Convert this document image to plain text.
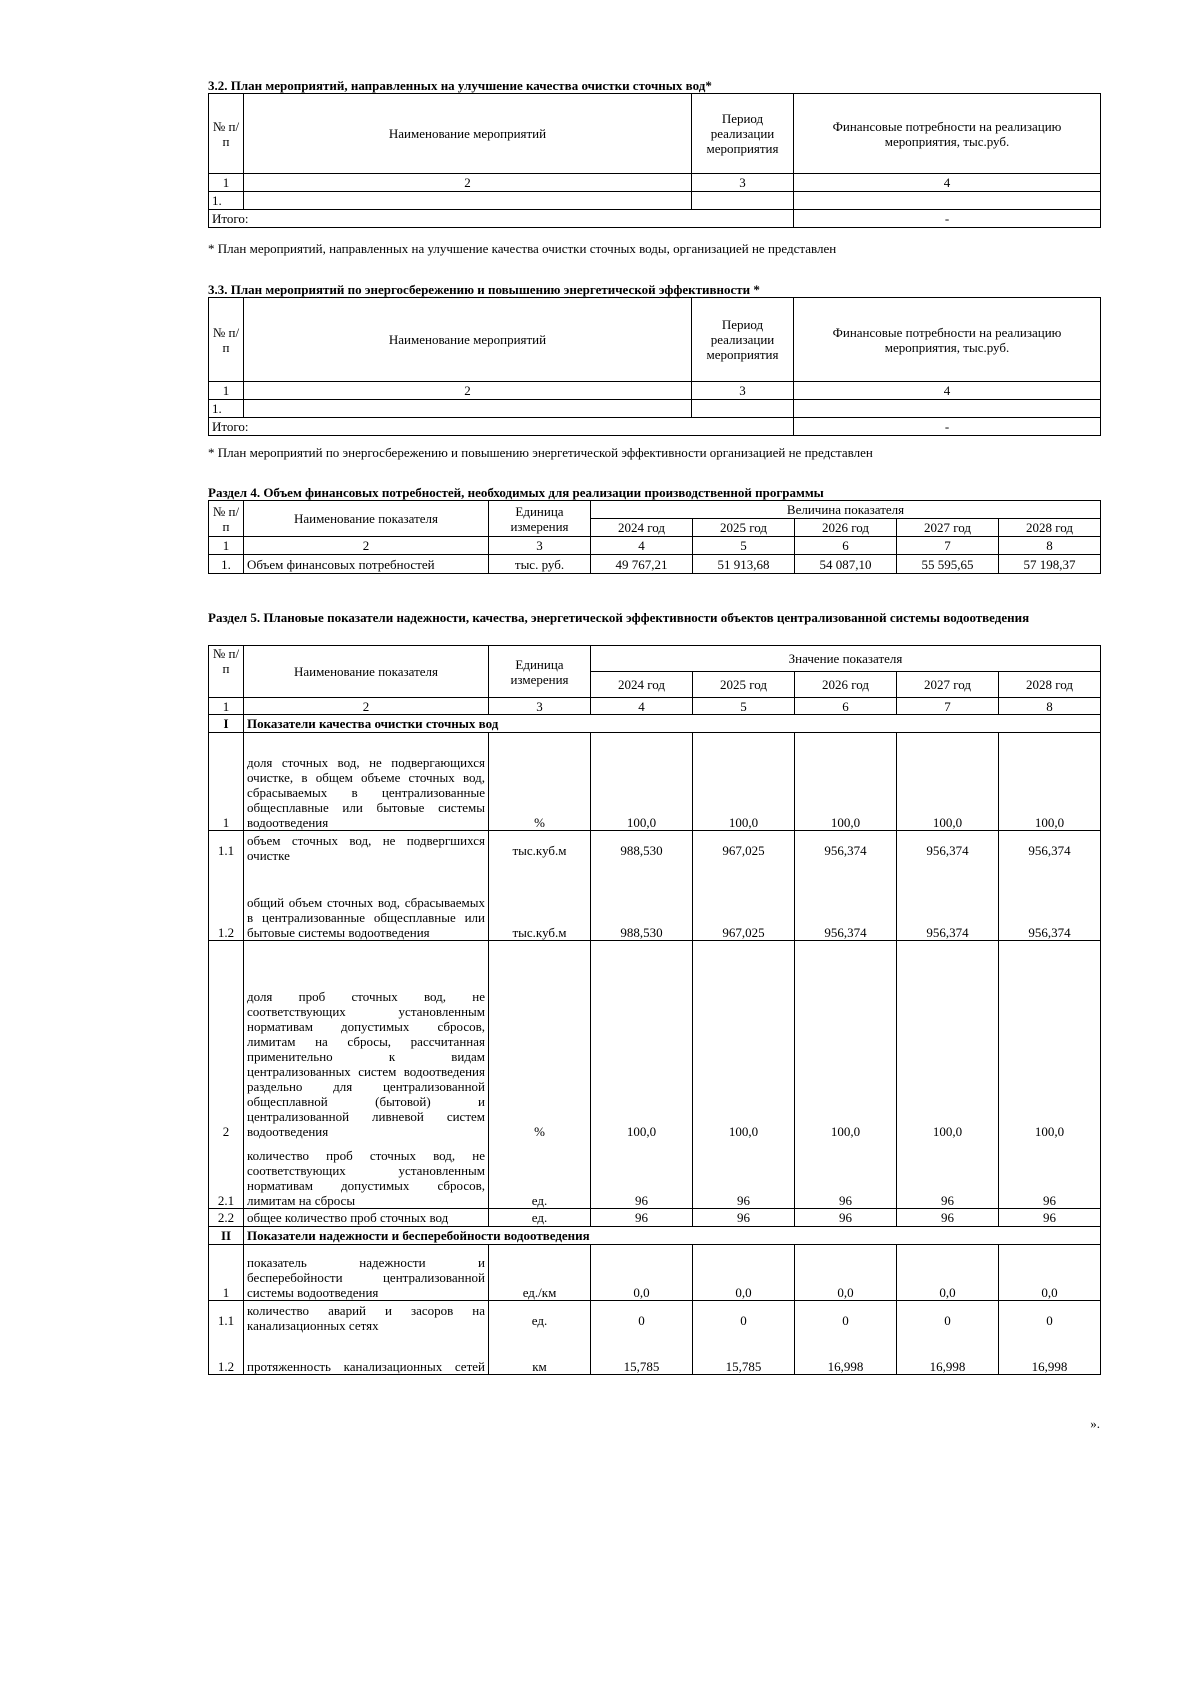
3.2. План мероприятий, направленных на улучшение качества очистки сточных вод*
№ п/п	Наименование мероприятий	Период реализации мероприятия	Финансовые потребности на реализацию мероприятия, тыс.руб.
1	2	3	4
1.			
Итого:			-
* План мероприятий, направленных на улучшение качества очистки сточных воды, организацией не представлен
3.3. План мероприятий по энергосбережению и повышению энергетической эффективности *
№ п/п	Наименование мероприятий	Период реализации мероприятия	Финансовые потребности на реализацию мероприятия, тыс.руб.
1	2	3	4
1.			
Итого:			-
* План мероприятий по энергосбережению и повышению энергетической эффективности организацией не представлен
Раздел 4. Объем финансовых потребностей, необходимых для реализации производственной программы
№ п/п	Наименование показателя	Единица измерения	Величина показателя				
			2024 год	2025 год	2026 год	2027 год	2028 год
1	2	3	4	5	6	7	8
1.	Объем финансовых потребностей	тыс. руб.	49 767,21	51 913,68	54 087,10	55 595,65	57 198,37
Раздел 5. Плановые показатели надежности, качества, энергетической эффективности объектов централизованной системы водоотведения
№ п/п	Наименование показателя	Единица измерения	Значение показателя				
			2024 год	2025 год	2026 год	2027 год	2028 год
1	2	3	4	5	6	7	8
I	Показатели качества очистки сточных вод						
1	доля сточных вод, не подвергающихся очистке, в общем объеме сточных вод, сбрасываемых в централизованные общесплавные или бытовые системы водоотведения	%	100,0	100,0	100,0	100,0	100,0
1.1	объем сточных вод, не подвергшихся очистке	тыс.куб.м	988,530	967,025	956,374	956,374	956,374
1.2	общий объем сточных вод, сбрасываемых в централизованные общесплавные или бытовые системы водоотведения	тыс.куб.м	988,530	967,025	956,374	956,374	956,374
2	доля проб сточных вод, не соответствующих установленным нормативам допустимых сбросов, лимитам на сбросы, рассчитанная применительно к видам централизованных систем водоотведения раздельно для централизованной общесплавной (бытовой) и централизованной ливневой систем водоотведения	%	100,0	100,0	100,0	100,0	100,0
2.1	количество проб сточных вод, не соответствующих установленным нормативам допустимых сбросов, лимитам на сбросы	ед.	96	96	96	96	96
2.2	общее количество проб сточных вод	ед.	96	96	96	96	96
II	Показатели надежности и бесперебойности водоотведения						
1	показатель надежности и бесперебойности централизованной системы водоотведения	ед./км	0,0	0,0	0,0	0,0	0,0
1.1	количество аварий и засоров на канализационных сетях	ед.	0	0	0	0	0
1.2	протяженность канализационных сетей	км	15,785	15,785	16,998	16,998	16,998
».
